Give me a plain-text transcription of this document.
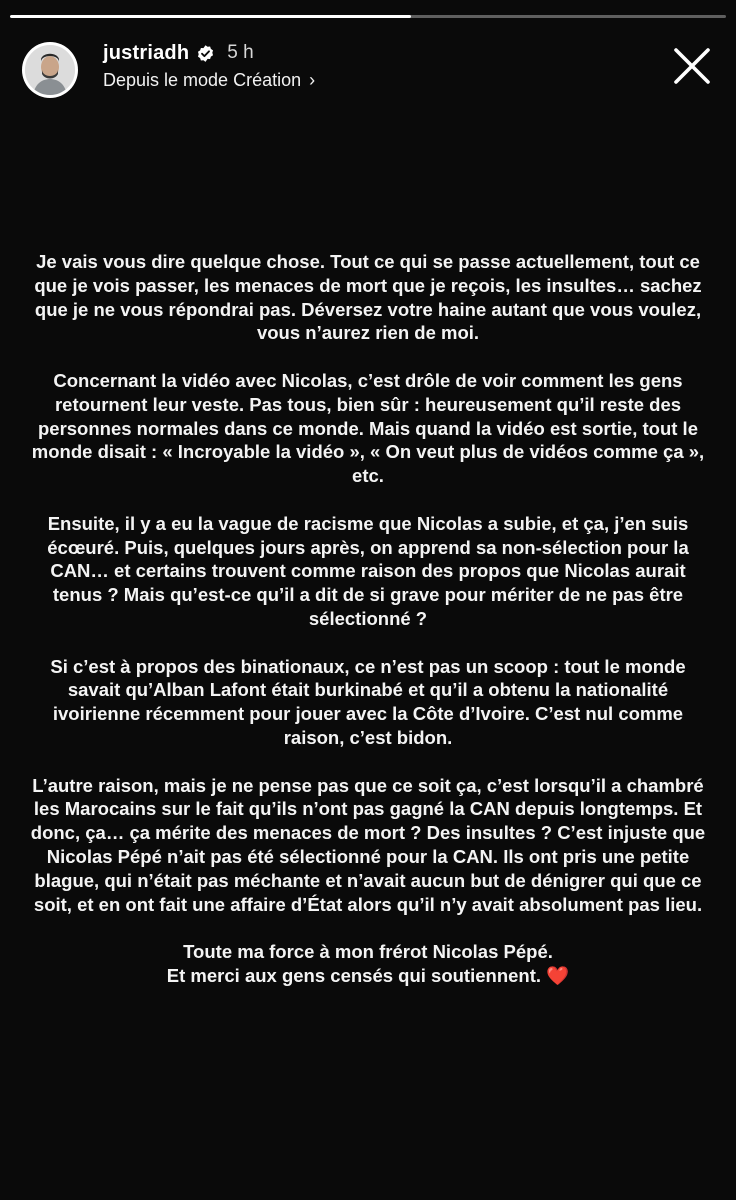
justriadh 5 h
Depuis le mode Création ›

Je vais vous dire quelque chose. Tout ce qui se passe actuellement, tout ce que je vois passer, les menaces de mort que je reçois, les insultes… sachez que je ne vous répondrai pas. Déversez votre haine autant que vous voulez, vous n’aurez rien de moi.

Concernant la vidéo avec Nicolas, c’est drôle de voir comment les gens retournent leur veste. Pas tous, bien sûr : heureusement qu’il reste des personnes normales dans ce monde. Mais quand la vidéo est sortie, tout le monde disait : « Incroyable la vidéo », « On veut plus de vidéos comme ça », etc.

Ensuite, il y a eu la vague de racisme que Nicolas a subie, et ça, j’en suis écœuré. Puis, quelques jours après, on apprend sa non-sélection pour la CAN… et certains trouvent comme raison des propos que Nicolas aurait tenus ? Mais qu’est-ce qu’il a dit de si grave pour mériter de ne pas être sélectionné ?

Si c’est à propos des binationaux, ce n’est pas un scoop : tout le monde savait qu’Alban Lafont était burkinabé et qu’il a obtenu la nationalité ivoirienne récemment pour jouer avec la Côte d’Ivoire. C’est nul comme raison, c’est bidon.

L’autre raison, mais je ne pense pas que ce soit ça, c’est lorsqu’il a chambré les Marocains sur le fait qu’ils n’ont pas gagné la CAN depuis longtemps. Et donc, ça… ça mérite des menaces de mort ? Des insultes ? C’est injuste que Nicolas Pépé n’ait pas été sélectionné pour la CAN. Ils ont pris une petite blague, qui n’était pas méchante et n’avait aucun but de dénigrer qui que ce soit, et en ont fait une affaire d’État alors qu’il n’y avait absolument pas lieu.

Toute ma force à mon frérot Nicolas Pépé.
Et merci aux gens censés qui soutiennent. ❤️
